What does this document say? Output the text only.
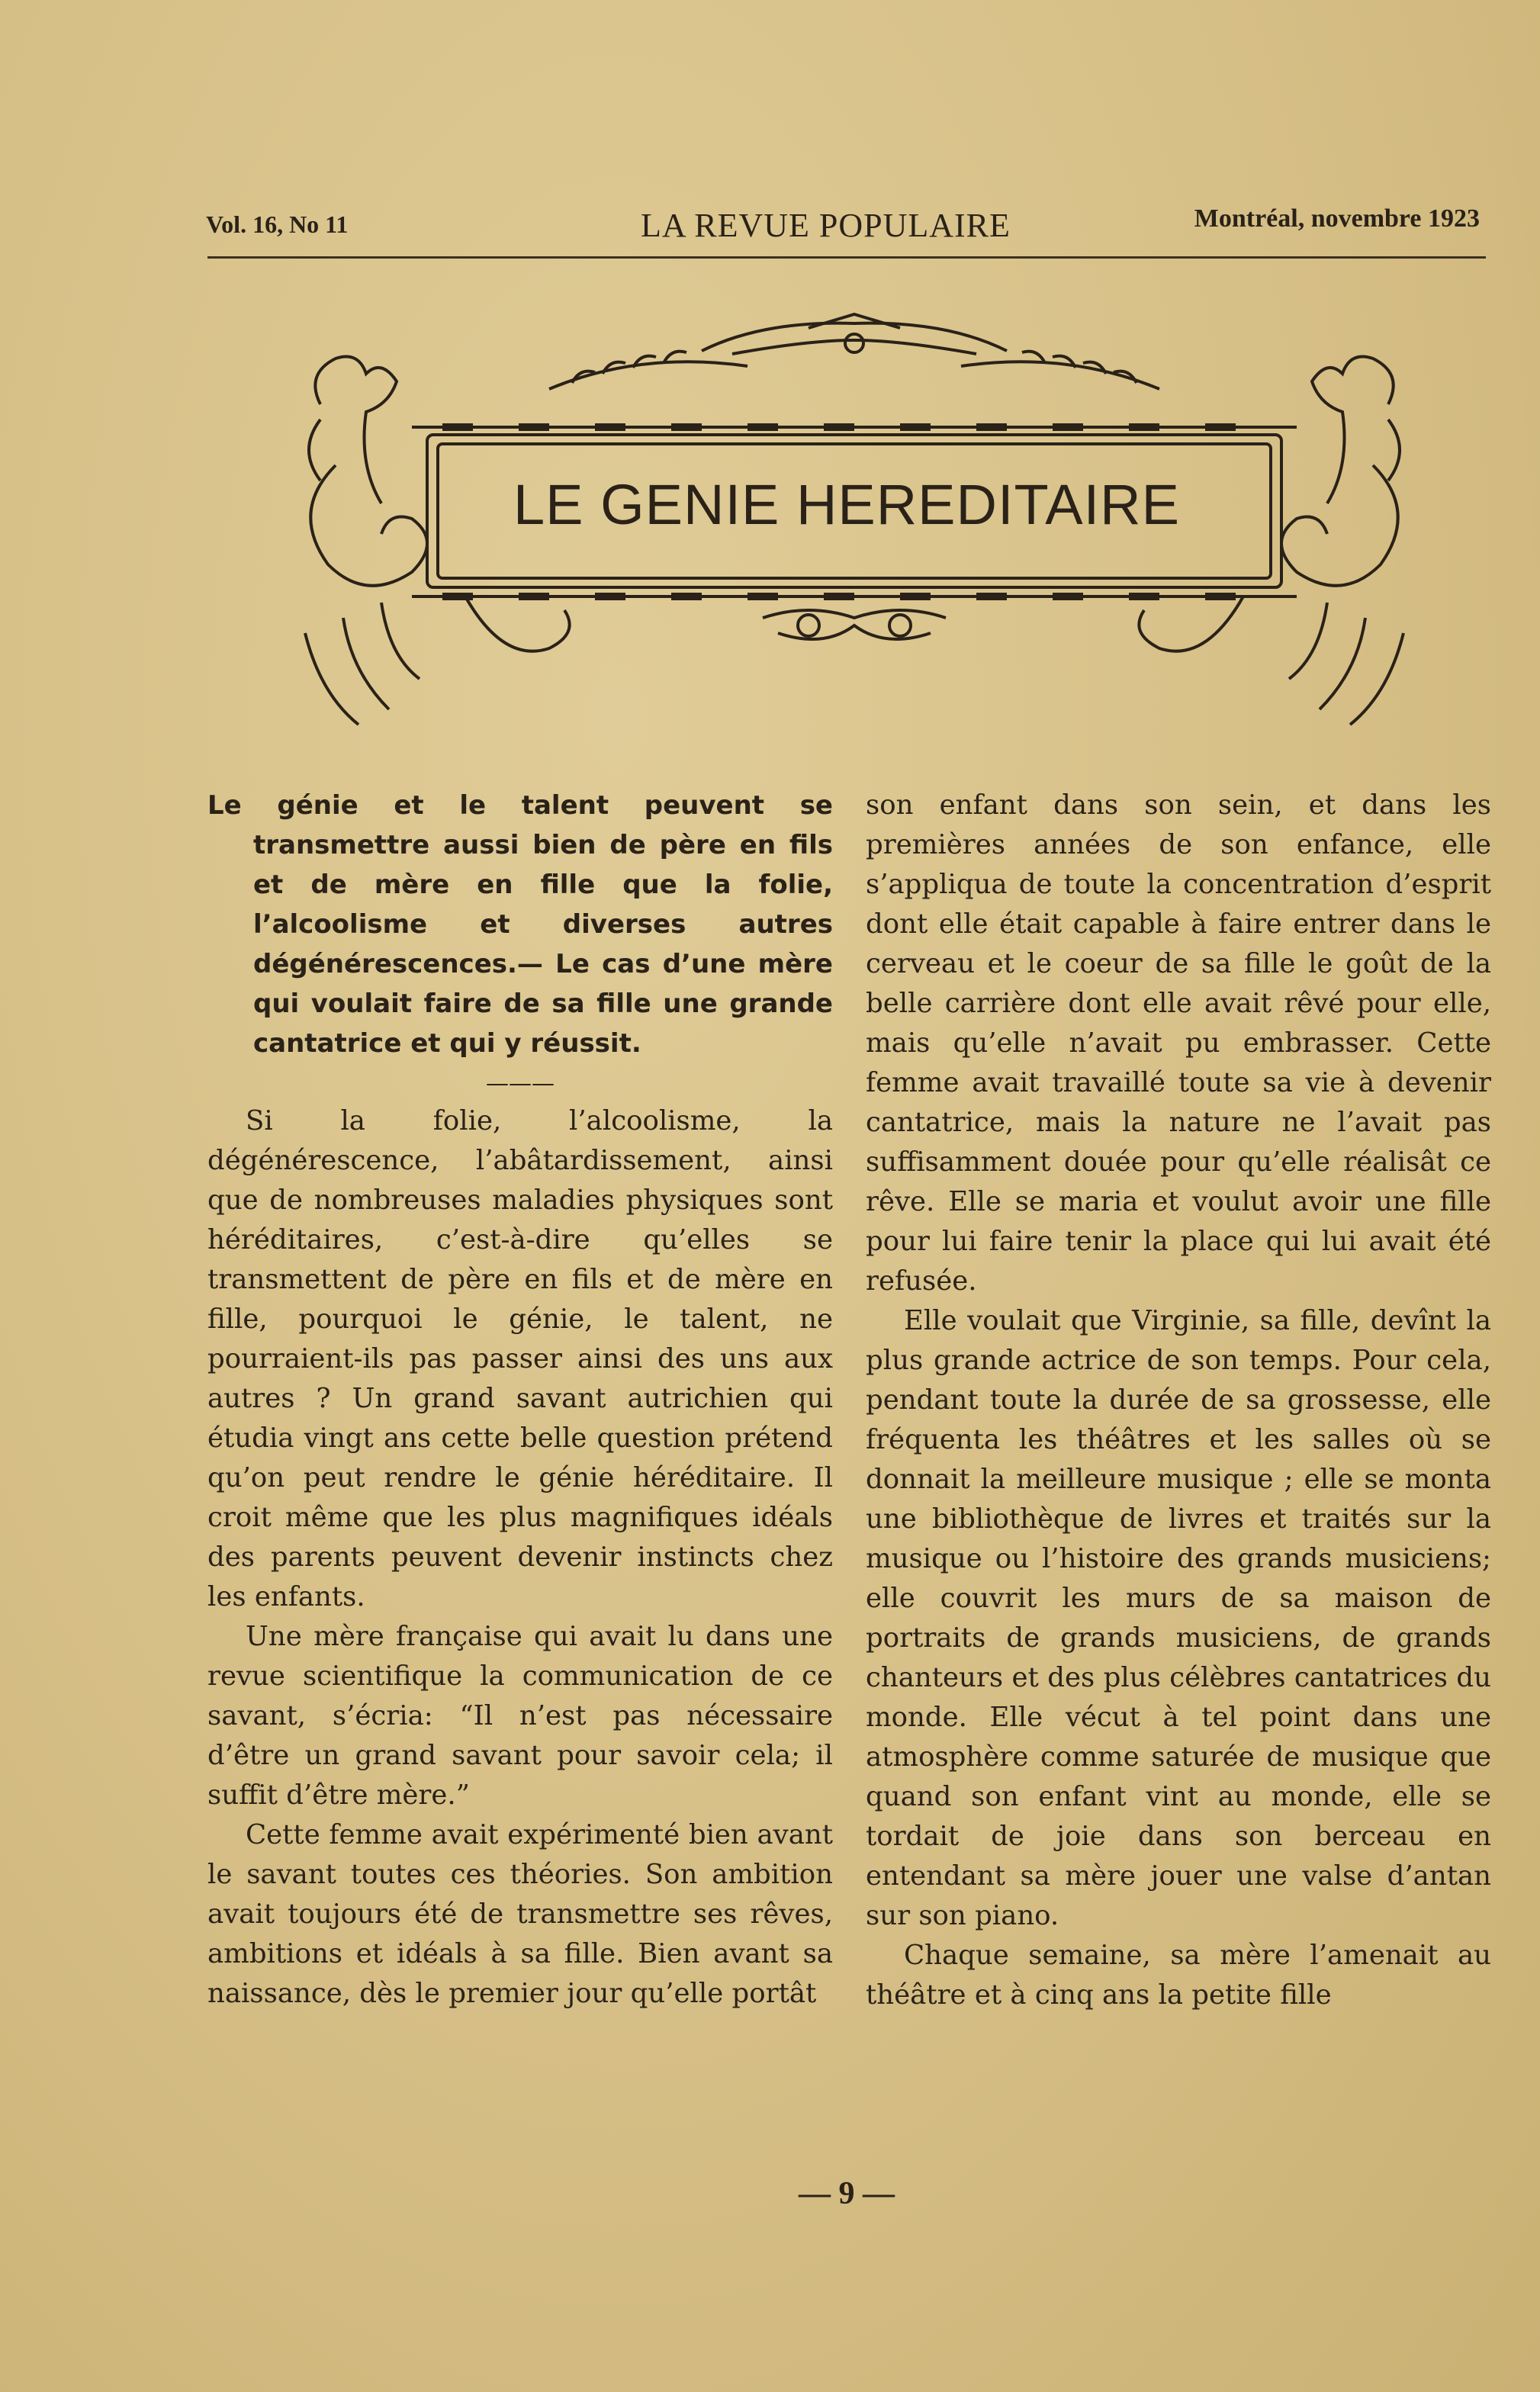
Vol. 16, No 11	LA REVUE POPULAIRE	Montréal, novembre 1923
LE GENIE HEREDITAIRE

Le génie et le talent peuvent se transmettre aussi bien de père en fils et de mère en fille que la folie, l’alcoolisme et diverses autres dégénérescences.— Le cas d’une mère qui voulait faire de sa fille une grande cantatrice et qui y réussit.

———

Si la folie, l’alcoolisme, la dégénérescence, l’abâtardissement, ainsi que de nombreuses maladies physiques sont héréditaires, c’est-à-dire qu’elles se transmettent de père en fils et de mère en fille, pourquoi le génie, le talent, ne pourraient-ils pas passer ainsi des uns aux autres ? Un grand savant autrichien qui étudia vingt ans cette belle question prétend qu’on peut rendre le génie héréditaire. Il croit même que les plus magnifiques idéals des parents peuvent devenir instincts chez les enfants.

Une mère française qui avait lu dans une revue scientifique la communication de ce savant, s’écria: “Il n’est pas nécessaire d’être un grand savant pour savoir cela; il suffit d’être mère.”

Cette femme avait expérimenté bien avant le savant toutes ces théories. Son ambition avait toujours été de transmettre ses rêves, ambitions et idéals à sa fille. Bien avant sa naissance, dès le premier jour qu’elle portât

son enfant dans son sein, et dans les premières années de son enfance, elle s’appliqua de toute la concentration d’esprit dont elle était capable à faire entrer dans le cerveau et le coeur de sa fille le goût de la belle carrière dont elle avait rêvé pour elle, mais qu’elle n’avait pu embrasser. Cette femme avait travaillé toute sa vie à devenir cantatrice, mais la nature ne l’avait pas suffisamment douée pour qu’elle réalisât ce rêve. Elle se maria et voulut avoir une fille pour lui faire tenir la place qui lui avait été refusée.

Elle voulait que Virginie, sa fille, devînt la plus grande actrice de son temps. Pour cela, pendant toute la durée de sa grossesse, elle fréquenta les théâtres et les salles où se donnait la meilleure musique ; elle se monta une bibliothèque de livres et traités sur la musique ou l’histoire des grands musiciens; elle couvrit les murs de sa maison de portraits de grands musiciens, de grands chanteurs et des plus célèbres cantatrices du monde. Elle vécut à tel point dans une atmosphère comme saturée de musique que quand son enfant vint au monde, elle se tordait de joie dans son berceau en entendant sa mère jouer une valse d’antan sur son piano.

Chaque semaine, sa mère l’amenait au théâtre et à cinq ans la petite fille

— 9 —
